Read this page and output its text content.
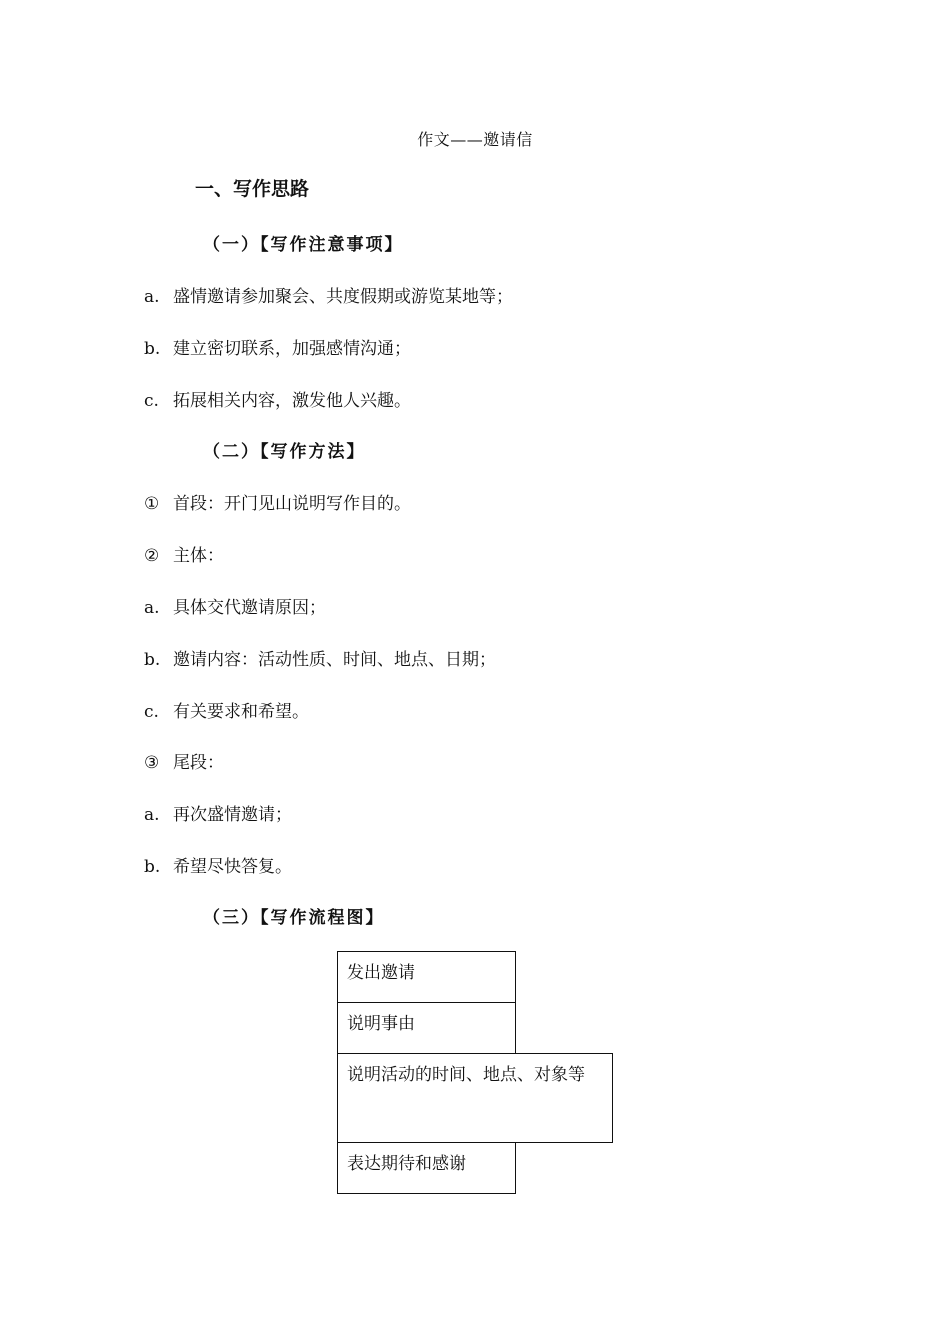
作文——邀请信
一、写作思路
（一）【写作注意事项】
a. 盛情邀请参加聚会、共度假期或游览某地等；
b. 建立密切联系，加强感情沟通；
c. 拓展相关内容，激发他人兴趣。
（二）【写作方法】
① 首段：开门见山说明写作目的。
② 主体：
a. 具体交代邀请原因；
b. 邀请内容：活动性质、时间、地点、日期；
c. 有关要求和希望。
③ 尾段：
a. 再次盛情邀请；
b. 希望尽快答复。
（三）【写作流程图】
发出邀请
说明事由
说明活动的时间、地点、对象等
表达期待和感谢
